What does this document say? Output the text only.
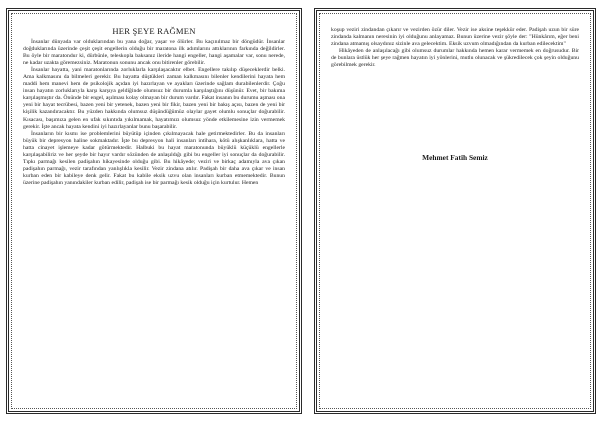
HER ŞEYE RAĞMEN

İnsanlar dünyada var olduklarından bu yana doğar, yaşar ve ölürler. Bu kaçınılmaz bir döngüdür. İnsanlar doğduklarında üzerinde çeşit çeşit engellerin olduğu bir maratona ilk adımlarını attıklarının farkında değildirler. Bu öyle bir maratondur ki, dürbünle, teleskopla baksanız ileride hangi engeller, hangi aşamalar var, sonu nerede, ne kadar uzakta göremezsiniz. Maratonun sonunu ancak onu bitirenler görebilir.

İnsanlar hayatta, yani maratonlarında zorluklarla karşılaşacaktır elbet. Engellere takılıp düşeceklerdir belki. Ama kalkmasını da bilmeleri gerekir. Bu hayatta düştükleri zaman kalkmasını bilenler kendilerini hayata hem maddi hem manevi hem de psikolojik açıdan iyi hazırlayan ve ayakları üzerinde sağlam durabilenlerdir. Çoğu insan hayatın zorluklarıyla karşı karşıya geldiğinde olumsuz bir durumla karşılaştığını düşünür. Evet, bir bakıma karşılaşmıştır da. Önünde bir engel, aşılması kolay olmayan bir durum vardır. Fakat insanın bu durumu aşması ona yeni bir hayat tecrübesi, bazen yeni bir yetenek, bazen yeni bir fikir, bazen yeni bir bakış açısı, bazen de yeni bir kişilik kazandıracaktır. Bu yüzden hakkında olumsuz düşündüğümüz olaylar gayet olumlu sonuçlar doğurabilir. Kısacası, başımıza gelen en ufak sıkıntıda yıkılmamak, hayatımızı olumsuz yönde etkilemesine izin vermemek gerekir. İşte ancak hayata kendini iyi hazırlayanlar bunu başarabilir.

İnsanların bir kısmı ise problemlerini büyütüp içinden çıkılmayacak hale getirmektedirler. Bu da insanları büyük bir depresyon haline sokmaktadır. İşte bu depresyon hali insanları intihara, kötü alışkanlıklara, hatta ve hatta cinayet işlemeye kadar götürmektedir. Halbuki bu hayat maratonunda büyüklü küçüklü engellerle karşılaşabiliriz ve her şeyde bir hayır vardır sözünden de anlaşıldığı gibi bu engeller iyi sonuçlar da doğurabilir. Tıpkı parmağı kesilen padişahın hikayesinde olduğu gibi. Bu hikâyede; veziri ve birkaç adamıyla ava çıkan padişahın parmağı, vezir tarafından yanlışlıkla kesilir. Vezir zindana atılır. Padişah bir daha ava çıkar ve insan kurban eden bir kabileye denk gelir. Fakat bu kabile eksik uzvu olan insanları kurban etmemektedir. Bunun üzerine padişahın yanındakiler kurban edilir, padişah ise bir parmağı kesik olduğu için kurtulur. Hemen

koşup veziri zindandan çıkarır ve vezirden özür diler. Vezir ise aksine teşekkür eder. Padişah uzun bir süre zindanda kalmanın neresinin iyi olduğunu anlayamaz. Bunun üzerine vezir şöyle der: "Hünkârım, eğer beni zindana atmamış olsaydınız sizinle ava gelecektim. Eksik uzvum olmadığından da kurban edilecektim"

Hikâyeden de anlaşılacağı gibi olumsuz durumlar hakkında hemen karar vermemek en doğrusudur. Bir de bunlara üstlük her şeye rağmen hayatın iyi yönlerini, mutlu olunacak ve şükredilecek çok şeyin olduğunu görebilmek gerekir.

Mehmet Fatih Semiz
